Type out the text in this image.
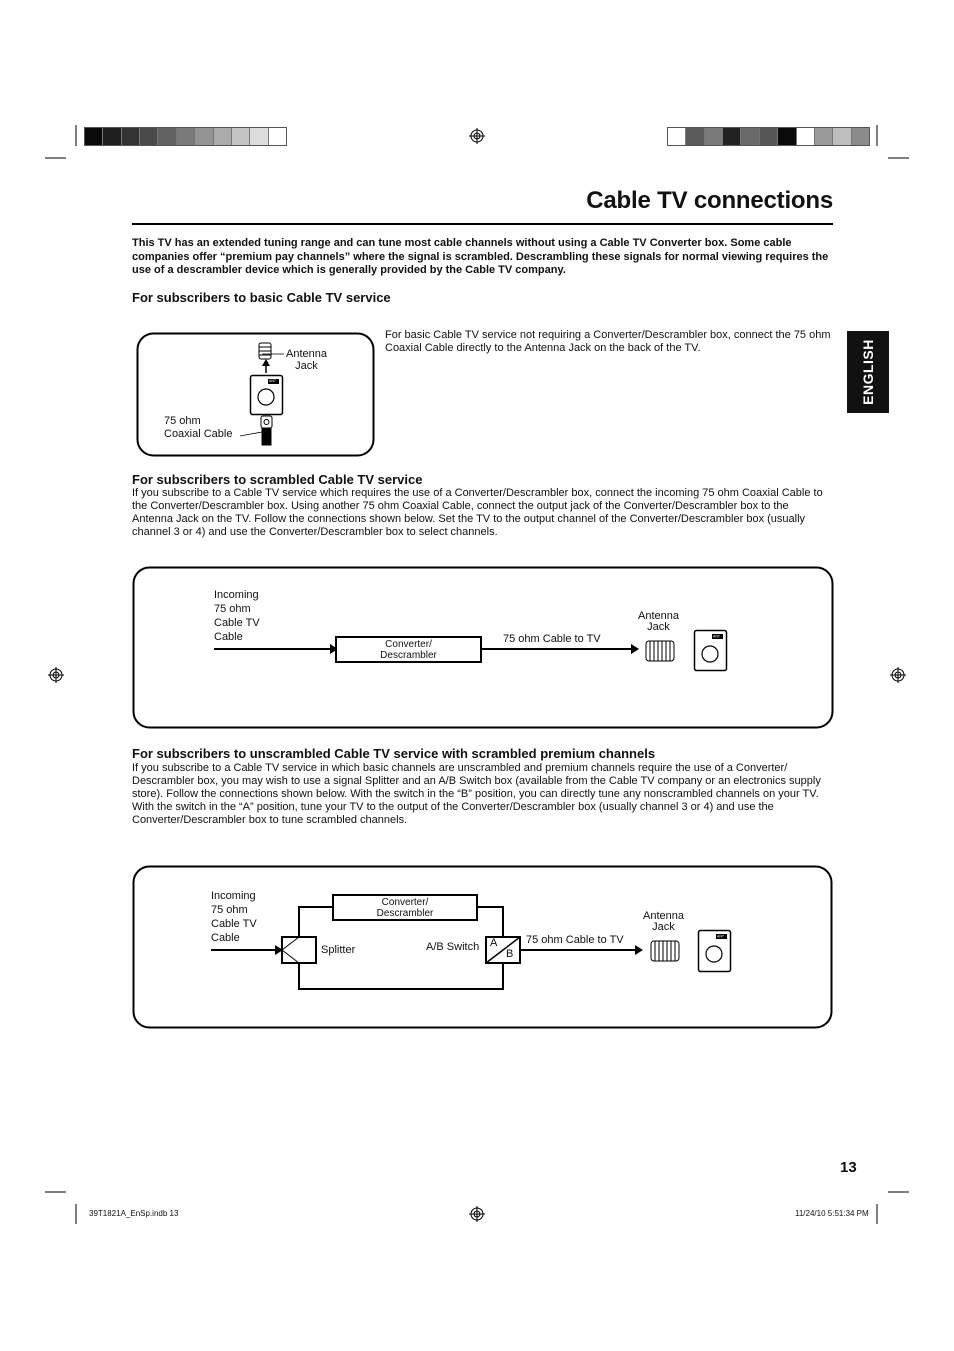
Cable TV connections
This TV has an extended tuning range and can tune most cable channels without using a Cable TV Converter box. Some cable companies offer “premium pay channels” where the signal is scrambled. Descrambling these signals for normal viewing requires the use of a descrambler device which is generally provided by the Cable TV company.
For subscribers to basic Cable TV service
For basic Cable TV service not requiring a Converter/Descrambler box, connect the 75 ohm Coaxial Cable directly to the Antenna Jack on the back of the TV.	ENGLISH
ANT
Antenna
Jack
75 ohm
Coaxial Cable
For subscribers to scrambled Cable TV service
If you subscribe to a Cable TV service which requires the use of a Converter/Descrambler box, connect the incoming 75 ohm Coaxial Cable to the Converter/Descrambler box. Using another 75 ohm Coaxial Cable, connect the output jack of the Converter/Descrambler box to the Antenna Jack on the TV. Follow the connections shown below. Set the TV to the output channel of the Converter/Descrambler box (usually channel 3 or 4) and use the Converter/Descrambler box to select channels.
ANT
Incoming
75 ohm
Cable TV
Cable
Converter/
Descrambler
75 ohm Cable to TV
Antenna
Jack
For subscribers to unscrambled Cable TV service with scrambled premium channels
If you subscribe to a Cable TV service in which basic channels are unscrambled and premium channels require the use of a Converter/ Descrambler box, you may wish to use a signal Splitter and an A/B Switch box (available from the Cable TV company or an electronics supply store). Follow the connections shown below. With the switch in the “B” position, you can directly tune any nonscrambled channels on your TV. With the switch in the “A” position, tune your TV to the output of the Converter/Descrambler box (usually channel 3 or 4) and use the Converter/Descrambler box to tune scrambled channels.
ANT
Incoming
75 ohm
Cable TV
Cable
Converter/
Descrambler
Splitter	A/B Switch A
B
75 ohm Cable to TV
Antenna
Jack
13
39T1821A_EnSp.indb 13	11/24/10 5:51:34 PM
